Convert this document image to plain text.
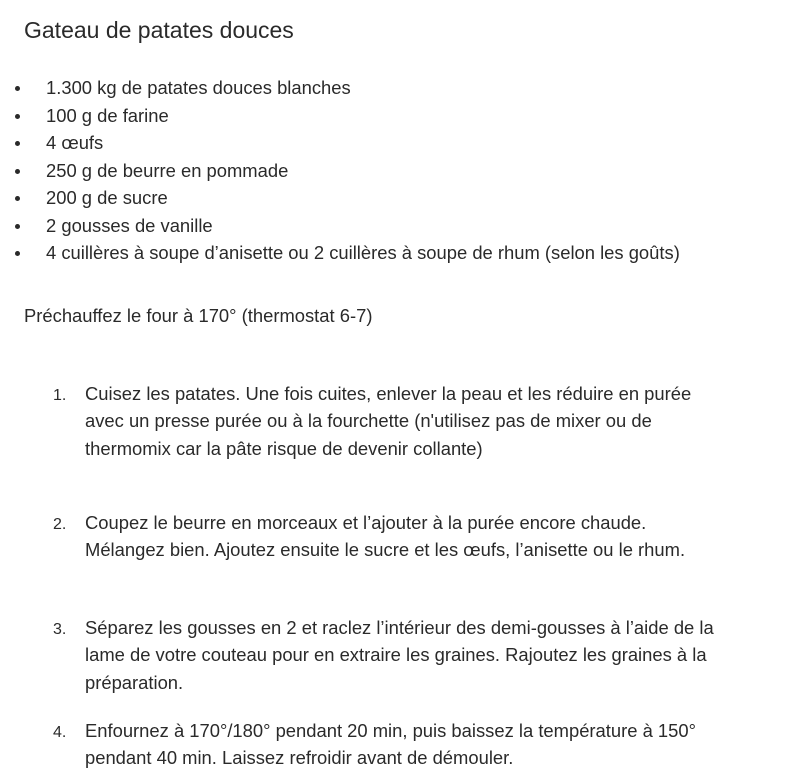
Gateau de patates douces
1.300 kg de patates douces blanches
100 g de farine
4 œufs
250 g de beurre en pommade
200 g de sucre
2 gousses de vanille
4 cuillères à soupe d’anisette ou 2 cuillères à soupe de rhum (selon les goûts)
Préchauffez le four à 170° (thermostat 6-7)
1. Cuisez les patates. Une fois cuites, enlever la peau et les réduire en purée
avec un presse purée ou à la fourchette (n'utilisez pas de mixer ou de
thermomix car la pâte risque de devenir collante)
2. Coupez le beurre en morceaux et l’ajouter à la purée encore chaude.
Mélangez bien. Ajoutez ensuite le sucre et les œufs, l’anisette ou le rhum.
3. Séparez les gousses en 2 et raclez l’intérieur des demi-gousses à l’aide de la
lame de votre couteau pour en extraire les graines. Rajoutez les graines à la
préparation.
4. Enfournez à 170°/180° pendant 20 min, puis baissez la température à 150°
pendant 40 min. Laissez refroidir avant de démouler.
